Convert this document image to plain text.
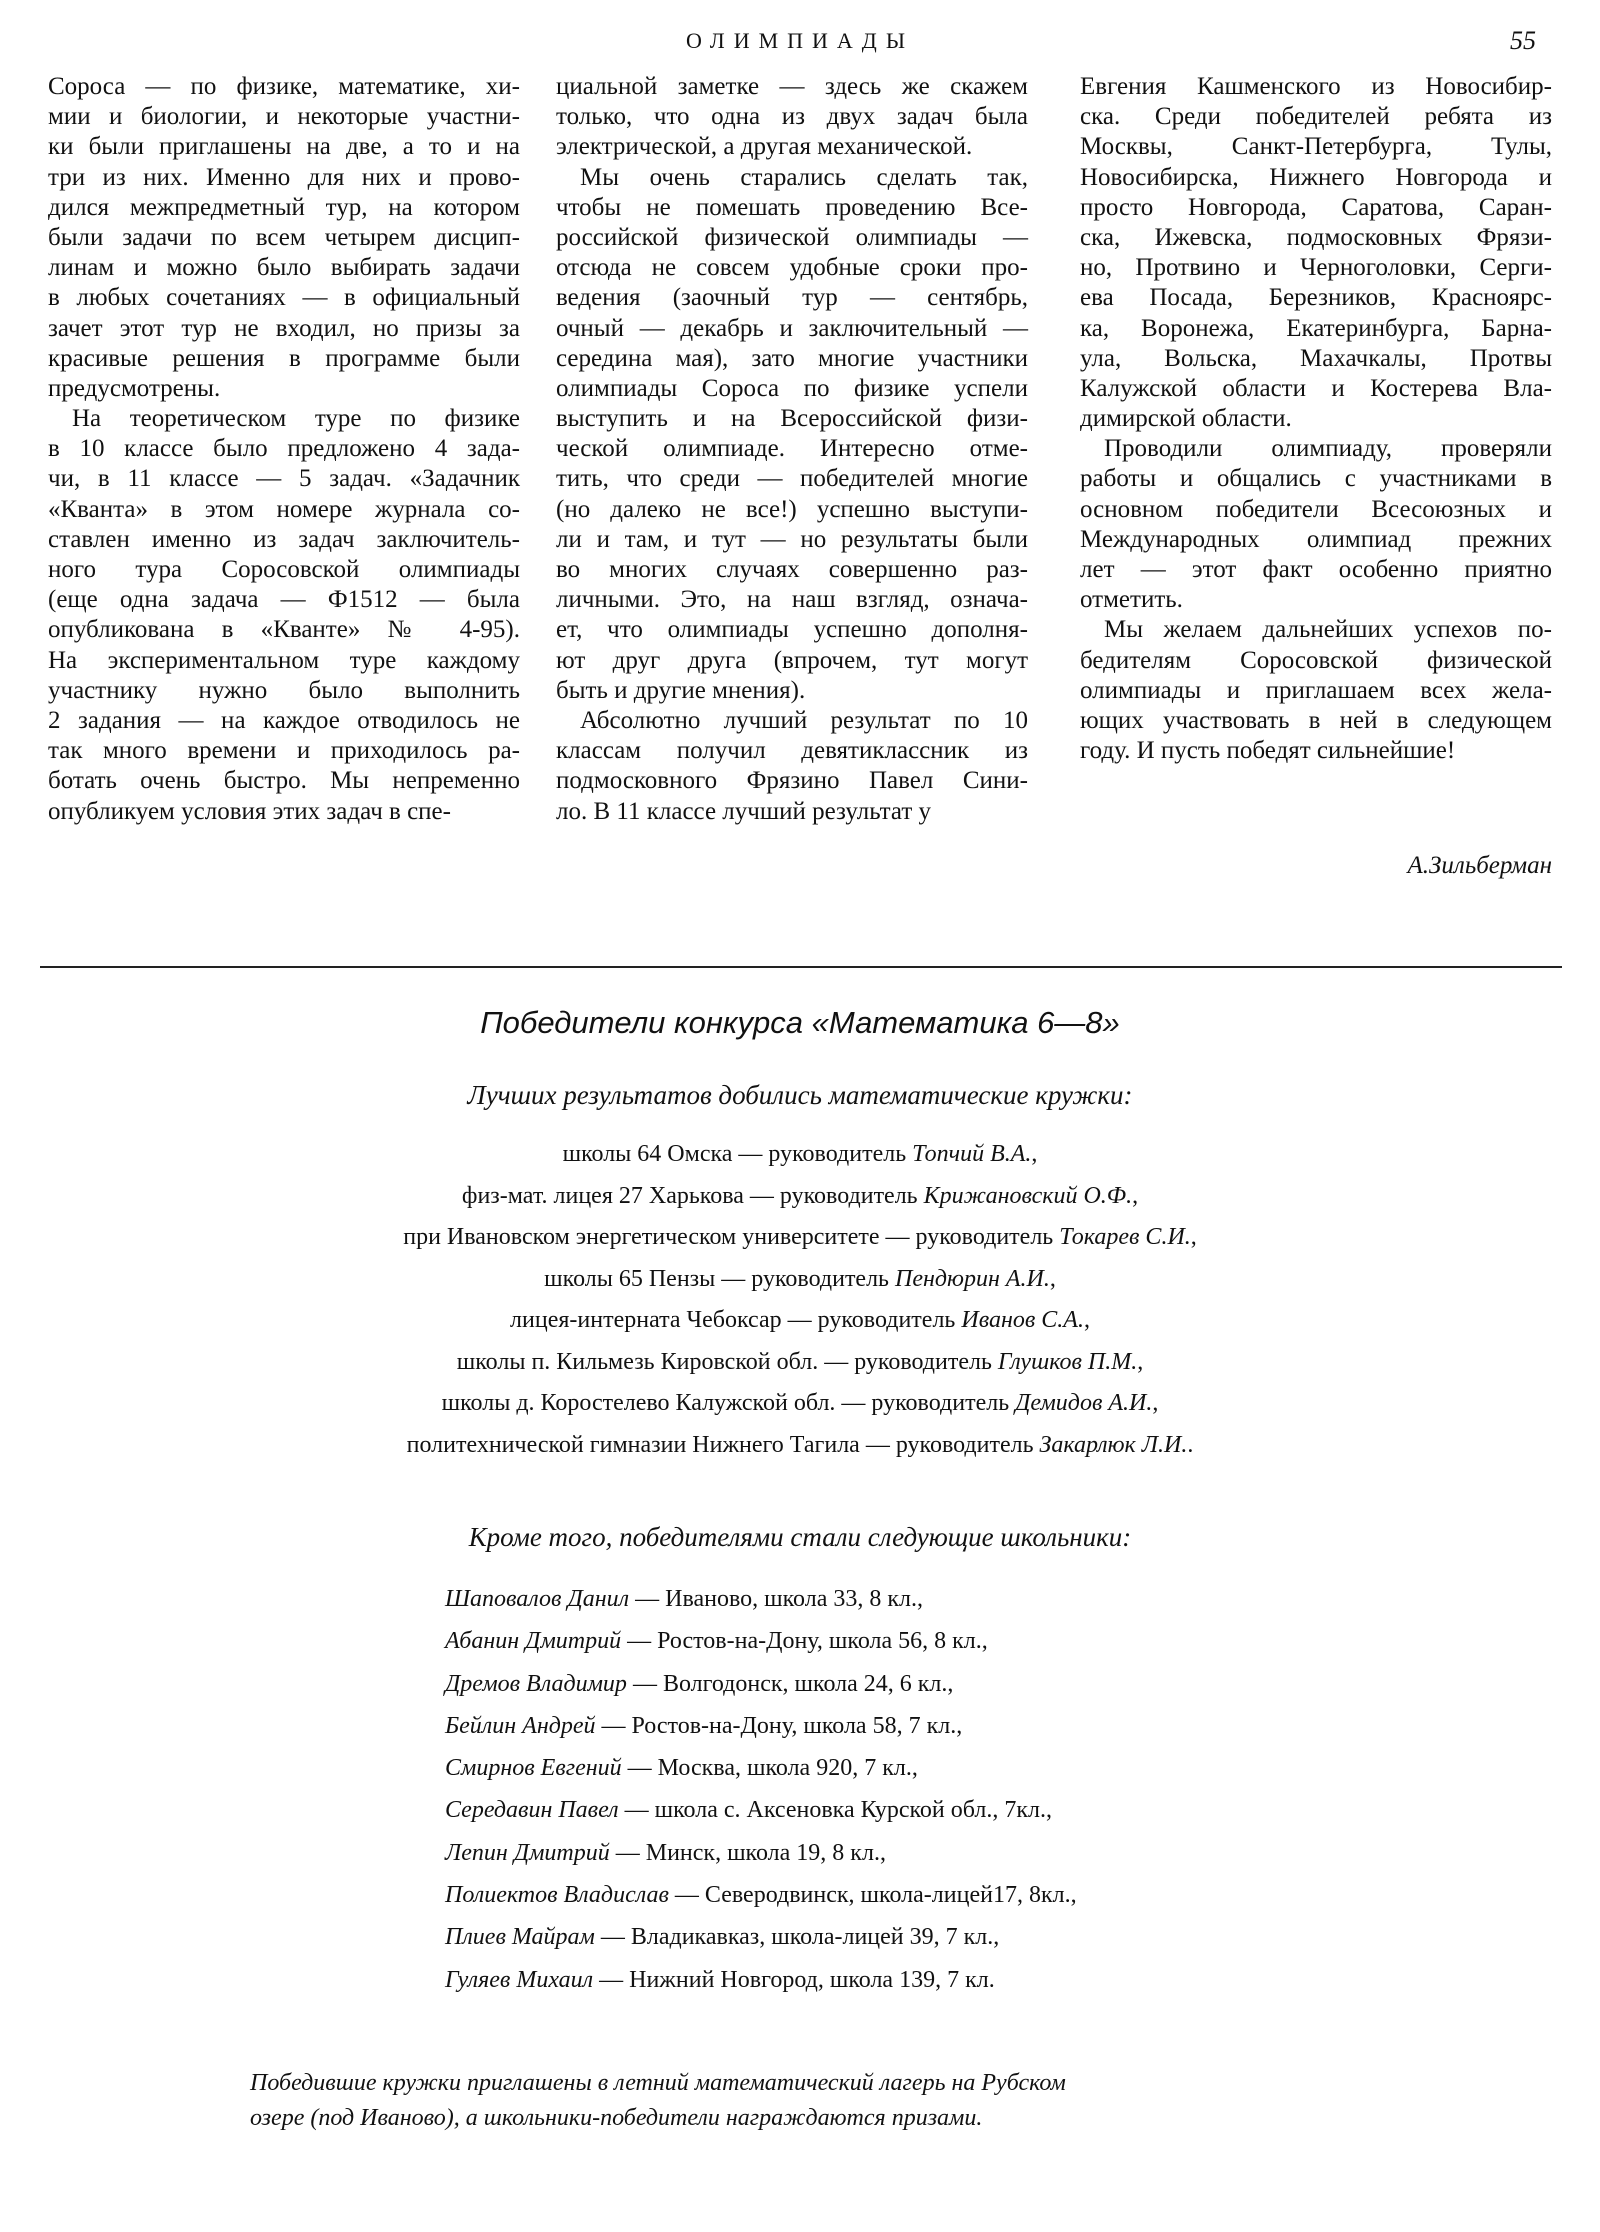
ОЛИМПИАДЫ	55
Сороса — по физике, математике, хи-
мии и биологии, и некоторые участни-
ки были приглашены на две, а то и на
три из них. Именно для них и прово-
дился межпредметный тур, на котором
были задачи по всем четырем дисцип-
линам и можно было выбирать задачи
в любых сочетаниях — в официальный
зачет этот тур не входил, но призы за
красивые решения в программе были
предусмотрены.
На теоретическом туре по физике
в 10 классе было предложено 4 зада-
чи, в 11 классе — 5 задач. «Задачник
«Кванта» в этом номере журнала со-
ставлен именно из задач заключитель-
ного тура Соросовской олимпиады
(еще одна задача — Ф1512 — была
опубликована в «Кванте» № 4-95).
На экспериментальном туре каждому
участнику нужно было выполнить
2 задания — на каждое отводилось не
так много времени и приходилось ра-
ботать очень быстро. Мы непременно
опубликуем условия этих задач в спе-
циальной заметке — здесь же скажем
только, что одна из двух задач была
электрической, а другая механической.
Мы очень старались сделать так,
чтобы не помешать проведению Все-
российской физической олимпиады —
отсюда не совсем удобные сроки про-
ведения (заочный тур — сентябрь,
очный — декабрь и заключительный —
середина мая), зато многие участники
олимпиады Сороса по физике успели
выступить и на Всероссийской физи-
ческой олимпиаде. Интересно отме-
тить, что среди — победителей многие
(но далеко не все!) успешно выступи-
ли и там, и тут — но результаты были
во многих случаях совершенно раз-
личными. Это, на наш взгляд, означа-
ет, что олимпиады успешно дополня-
ют друг друга (впрочем, тут могут
быть и другие мнения).
Абсолютно лучший результат по 10
классам получил девятиклассник из
подмосковного Фрязино Павел Сини-
ло. В 11 классе лучший результат у
Евгения Кашменского из Новосибир-
ска. Среди победителей ребята из
Москвы, Санкт-Петербурга, Тулы,
Новосибирска, Нижнего Новгорода и
просто Новгорода, Саратова, Саран-
ска, Ижевска, подмосковных Фрязи-
но, Протвино и Черноголовки, Серги-
ева Посада, Березников, Красноярс-
ка, Воронежа, Екатеринбурга, Барна-
ула, Вольска, Махачкалы, Протвы
Калужской области и Костерева Вла-
димирской области.
Проводили олимпиаду, проверяли
работы и общались с участниками в
основном победители Всесоюзных и
Международных олимпиад прежних
лет — этот факт особенно приятно
отметить.
Мы желаем дальнейших успехов по-
бедителям Соросовской физической
олимпиады и приглашаем всех жела-
ющих участвовать в ней в следующем
году. И пусть победят сильнейшие!
А.Зильберман
Победители конкурса «Математика 6—8»
Лучших результатов добились математические кружки:
школы 64 Омска — руководитель Топчий В.А.,
физ-мат. лицея 27 Харькова — руководитель Крижановский О.Ф.,
при Ивановском энергетическом университете — руководитель Токарев С.И.,
школы 65 Пензы — руководитель Пендюрин А.И.,
лицея-интерната Чебоксар — руководитель Иванов С.А.,
школы п. Кильмезь Кировской обл. — руководитель Глушков П.М.,
школы д. Коростелево Калужской обл. — руководитель Демидов А.И.,
политехнической гимназии Нижнего Тагила — руководитель Закарлюк Л.И..
Кроме того, победителями стали следующие школьники:
Шаповалов Данил — Иваново, школа 33, 8 кл.,
Абанин Дмитрий — Ростов-на-Дону, школа 56, 8 кл.,
Дремов Владимир — Волгодонск, школа 24, 6 кл.,
Бейлин Андрей — Ростов-на-Дону, школа 58, 7 кл.,
Смирнов Евгений — Москва, школа 920, 7 кл.,
Середавин Павел — школа с. Аксеновка Курской обл., 7кл.,
Лепин Дмитрий — Минск, школа 19, 8 кл.,
Полиектов Владислав — Северодвинск, школа-лицей17, 8кл.,
Плиев Майрам — Владикавказ, школа-лицей 39, 7 кл.,
Гуляев Михаил — Нижний Новгород, школа 139, 7 кл.
Победившие кружки приглашены в летний математический лагерь на Рубском
озере (под Иваново), а школьники-победители награждаются призами.
